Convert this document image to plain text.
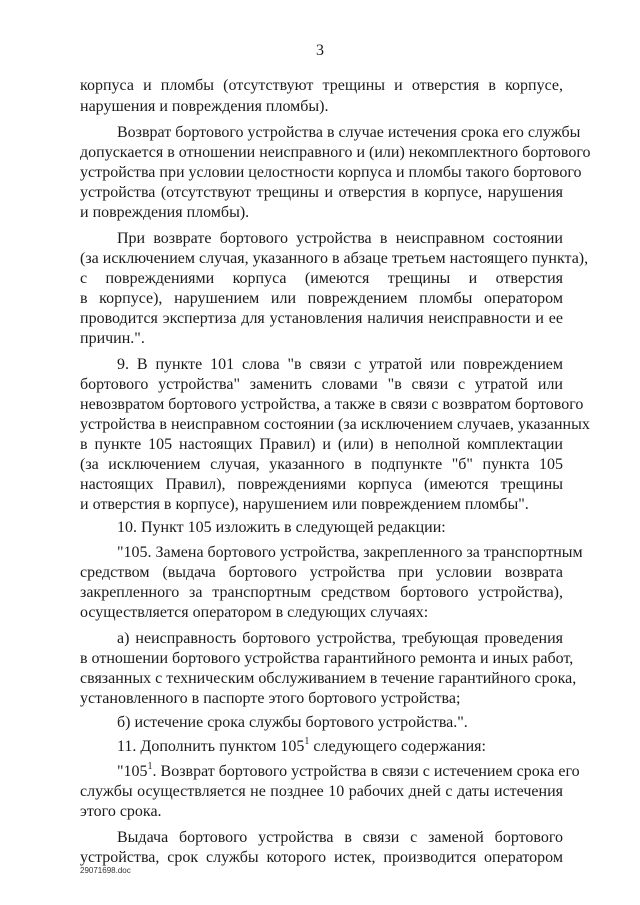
3
корпуса и пломбы (отсутствуют трещины и отверстия в корпусе,
нарушения и повреждения пломбы).
Возврат бортового устройства в случае истечения срока его службы
допускается в отношении неисправного и (или) некомплектного бортового
устройства при условии целостности корпуса и пломбы такого бортового
устройства (отсутствуют трещины и отверстия в корпусе, нарушения
и повреждения пломбы).
При возврате бортового устройства в неисправном состоянии
(за исключением случая, указанного в абзаце третьем настоящего пункта),
с повреждениями корпуса (имеются трещины и отверстия
в корпусе), нарушением или повреждением пломбы оператором
проводится экспертиза для установления наличия неисправности и ее
причин.".
9. В пункте 101 слова "в связи с утратой или повреждением
бортового устройства" заменить словами "в связи с утратой или
невозвратом бортового устройства, а также в связи с возвратом бортового
устройства в неисправном состоянии (за исключением случаев, указанных
в пункте 105 настоящих Правил) и (или) в неполной комплектации
(за исключением случая, указанного в подпункте "б" пункта 105
настоящих Правил), повреждениями корпуса (имеются трещины
и отверстия в корпусе), нарушением или повреждением пломбы".
10. Пункт 105 изложить в следующей редакции:
"105. Замена бортового устройства, закрепленного за транспортным
средством (выдача бортового устройства при условии возврата
закрепленного за транспортным средством бортового устройства),
осуществляется оператором в следующих случаях:
а) неисправность бортового устройства, требующая проведения
в отношении бортового устройства гарантийного ремонта и иных работ,
связанных с техническим обслуживанием в течение гарантийного срока,
установленного в паспорте этого бортового устройства;
б) истечение срока службы бортового устройства.".
11. Дополнить пунктом $105^1$ следующего содержания:
"$105^1$. Возврат бортового устройства в связи с истечением срока его
службы осуществляется не позднее 10 рабочих дней с даты истечения
этого срока.
Выдача бортового устройства в связи с заменой бортового
устройства, срок службы которого истек, производится оператором
29071698.doc
